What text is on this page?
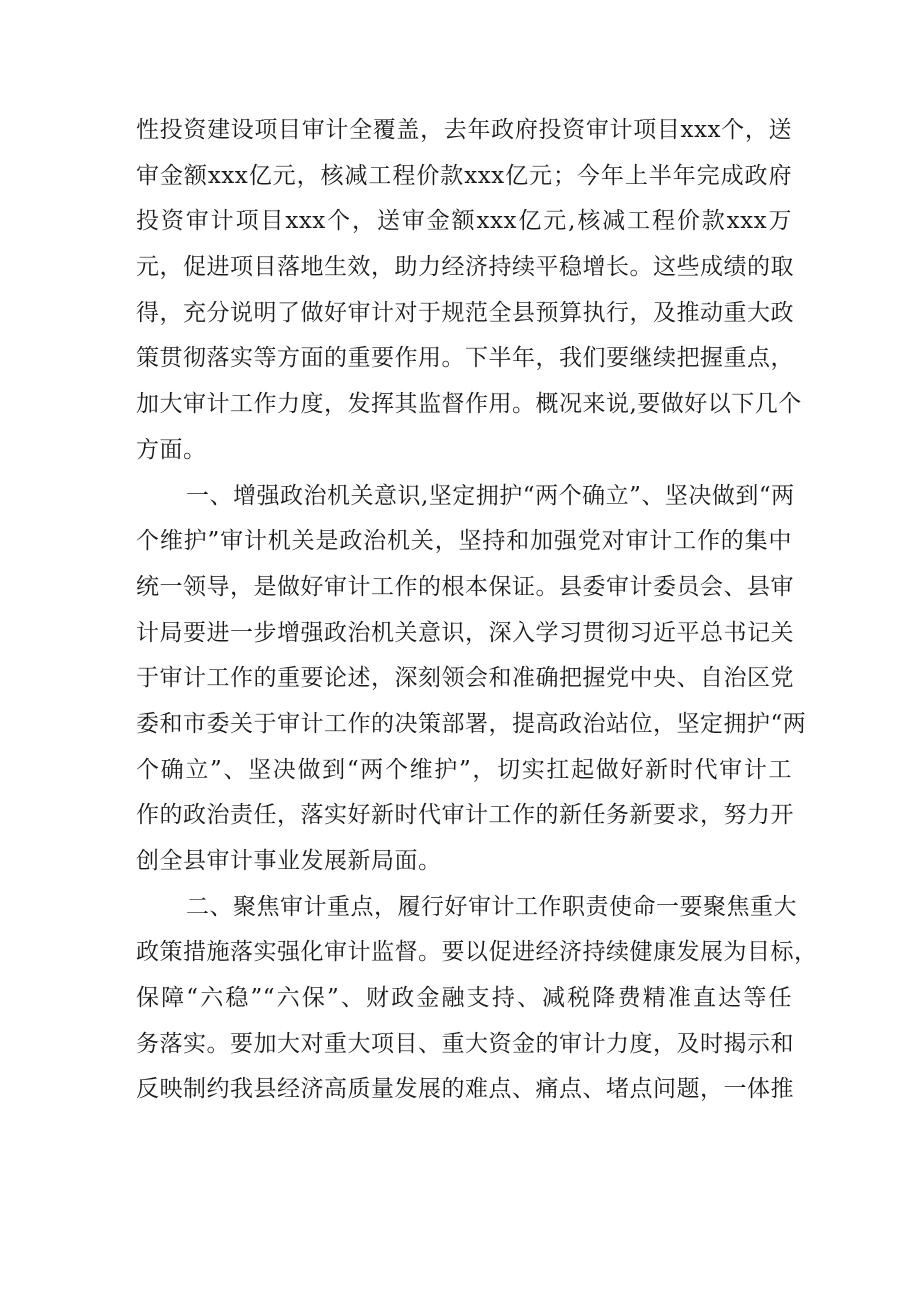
性投资建设项目审计全覆盖，去年政府投资审计项目xxx个，送
审金额xxx亿元，核减工程价款xxx亿元；今年上半年完成政府
投资审计项目xxx个，送审金额xxx亿元,核减工程价款xxx万
元，促进项目落地生效，助力经济持续平稳增长。这些成绩的取
得，充分说明了做好审计对于规范全县预算执行，及推动重大政
策贯彻落实等方面的重要作用。下半年，我们要继续把握重点，
加大审计工作力度，发挥其监督作用。概况来说,要做好以下几个
方面。
一、增强政治机关意识,坚定拥护“两个确立”、坚决做到“两
个维护”审计机关是政治机关，坚持和加强党对审计工作的集中
统一领导，是做好审计工作的根本保证。县委审计委员会、县审
计局要进一步增强政治机关意识，深入学习贯彻习近平总书记关
于审计工作的重要论述，深刻领会和准确把握党中央、自治区党
委和市委关于审计工作的决策部署，提高政治站位，坚定拥护“两
个确立”、坚决做到“两个维护”，切实扛起做好新时代审计工
作的政治责任，落实好新时代审计工作的新任务新要求，努力开
创全县审计事业发展新局面。
二、聚焦审计重点，履行好审计工作职责使命一要聚焦重大
政策措施落实强化审计监督。要以促进经济持续健康发展为目标，
保障“六稳”“六保”、财政金融支持、减税降费精准直达等任
务落实。要加大对重大项目、重大资金的审计力度，及时揭示和
反映制约我县经济高质量发展的难点、痛点、堵点问题，一体推
